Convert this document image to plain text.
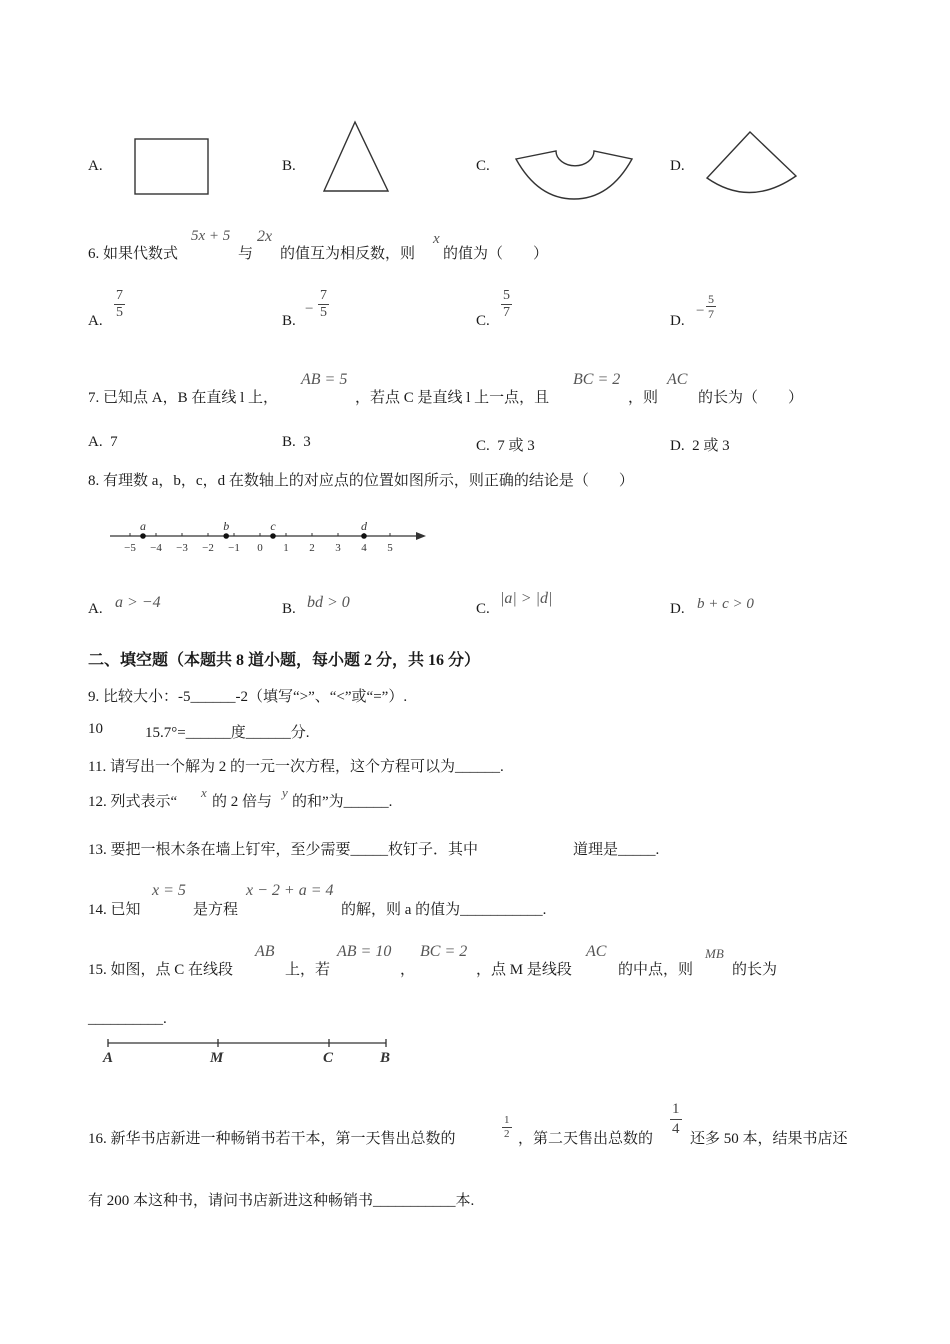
A.	B.	C.	D.
6. 如果代数式
5x + 5
与
2x
的值互为相反数，则
x
的值为（　　）
A. $\frac{7}{5}$	B.
− $\frac{7}{5}$	C. $\frac{5}{7}$	D.
− $\frac{5}{7}$
7. 已知点 A，B 在直线 l 上，
AB = 5
，若点 C 是直线 l 上一点，且
BC = 2
，则
AC
的长为（　　）
A. 7	B. 3	C. 7 或 3	D. 2 或 3
8. 有理数 a，b，c，d 在数轴上的对应点的位置如图所示，则正确的结论是（　　）
−5 −4 −3 −2 −1 0 1 2 3 4 5
a	b	c	d
A. a > −4	B. bd > 0	C.
|a| > |d|
D. b + c > 0
二、填空题（本题共 8 道小题，每小题 2 分，共 16 分）
9. 比较大小：-5______-2（填写“>”、“<”或“=”）.
10	15.7°=______度______分.
11. 请写出一个解为 2 的一元一次方程，这个方程可以为______.
12. 列式表示“
x
的 2 倍与
y
的和”为______.
13. 要把一根木条在墙上钉牢，至少需要_____枚钉子．其中	道理是_____.
14. 已知
x = 5
是方程
x − 2 + a = 4
的解，则 a 的值为___________.
15. 如图，点 C 在线段
AB
上，若
AB = 10
，
BC = 2
，点 M 是线段
AC
的中点，则
MB
的长为
__________.
A	M	C	B
16. 新华书店新进一种畅销书若干本，第一天售出总数的	$\frac{1}{2}$ ，第二天售出总数的 $\frac{1}{4}$ 还多 50 本，结果书店还
有 200 本这种书，请问书店新进这种畅销书___________本.
